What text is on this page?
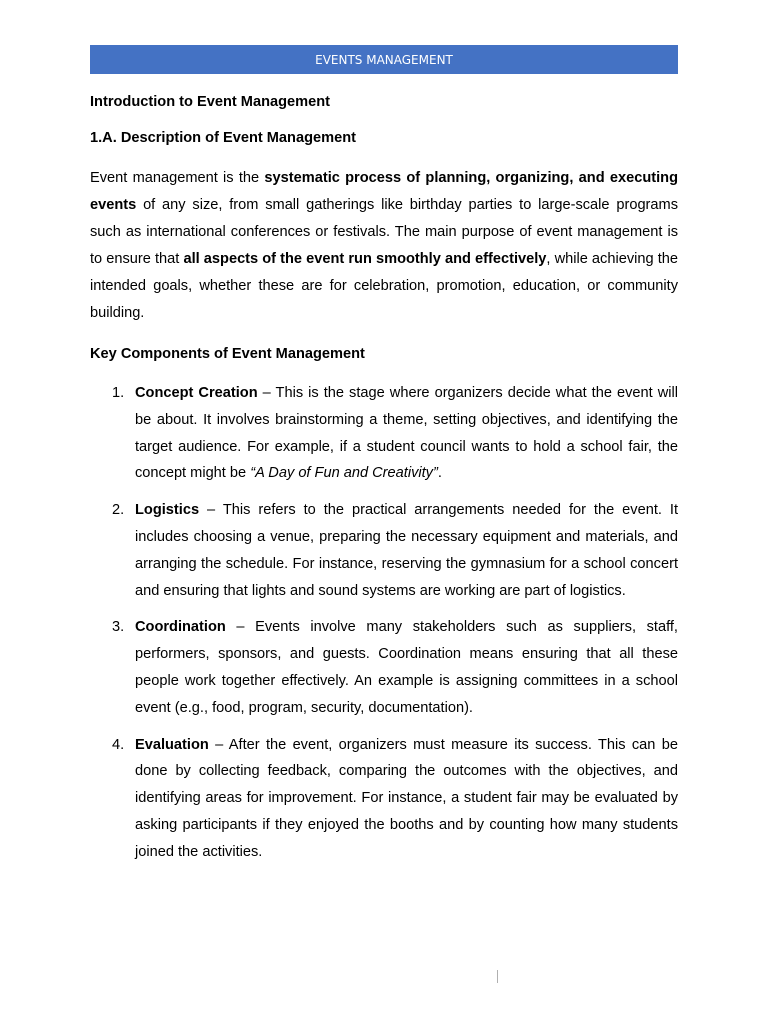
EVENTS MANAGEMENT

Introduction to Event Management

1.A. Description of Event Management

Event management is the systematic process of planning, organizing, and executing events of any size, from small gatherings like birthday parties to large-scale programs such as international conferences or festivals. The main purpose of event management is to ensure that all aspects of the event run smoothly and effectively, while achieving the intended goals, whether these are for celebration, promotion, education, or community building.

Key Components of Event Management

1. Concept Creation – This is the stage where organizers decide what the event will be about. It involves brainstorming a theme, setting objectives, and identifying the target audience. For example, if a student council wants to hold a school fair, the concept might be “A Day of Fun and Creativity”.
2. Logistics – This refers to the practical arrangements needed for the event. It includes choosing a venue, preparing the necessary equipment and materials, and arranging the schedule. For instance, reserving the gymnasium for a school concert and ensuring that lights and sound systems are working are part of logistics.
3. Coordination – Events involve many stakeholders such as suppliers, staff, performers, sponsors, and guests. Coordination means ensuring that all these people work together effectively. An example is assigning committees in a school event (e.g., food, program, security, documentation).
4. Evaluation – After the event, organizers must measure its success. This can be done by collecting feedback, comparing the outcomes with the objectives, and identifying areas for improvement. For instance, a student fair may be evaluated by asking participants if they enjoyed the booths and by counting how many students joined the activities.
